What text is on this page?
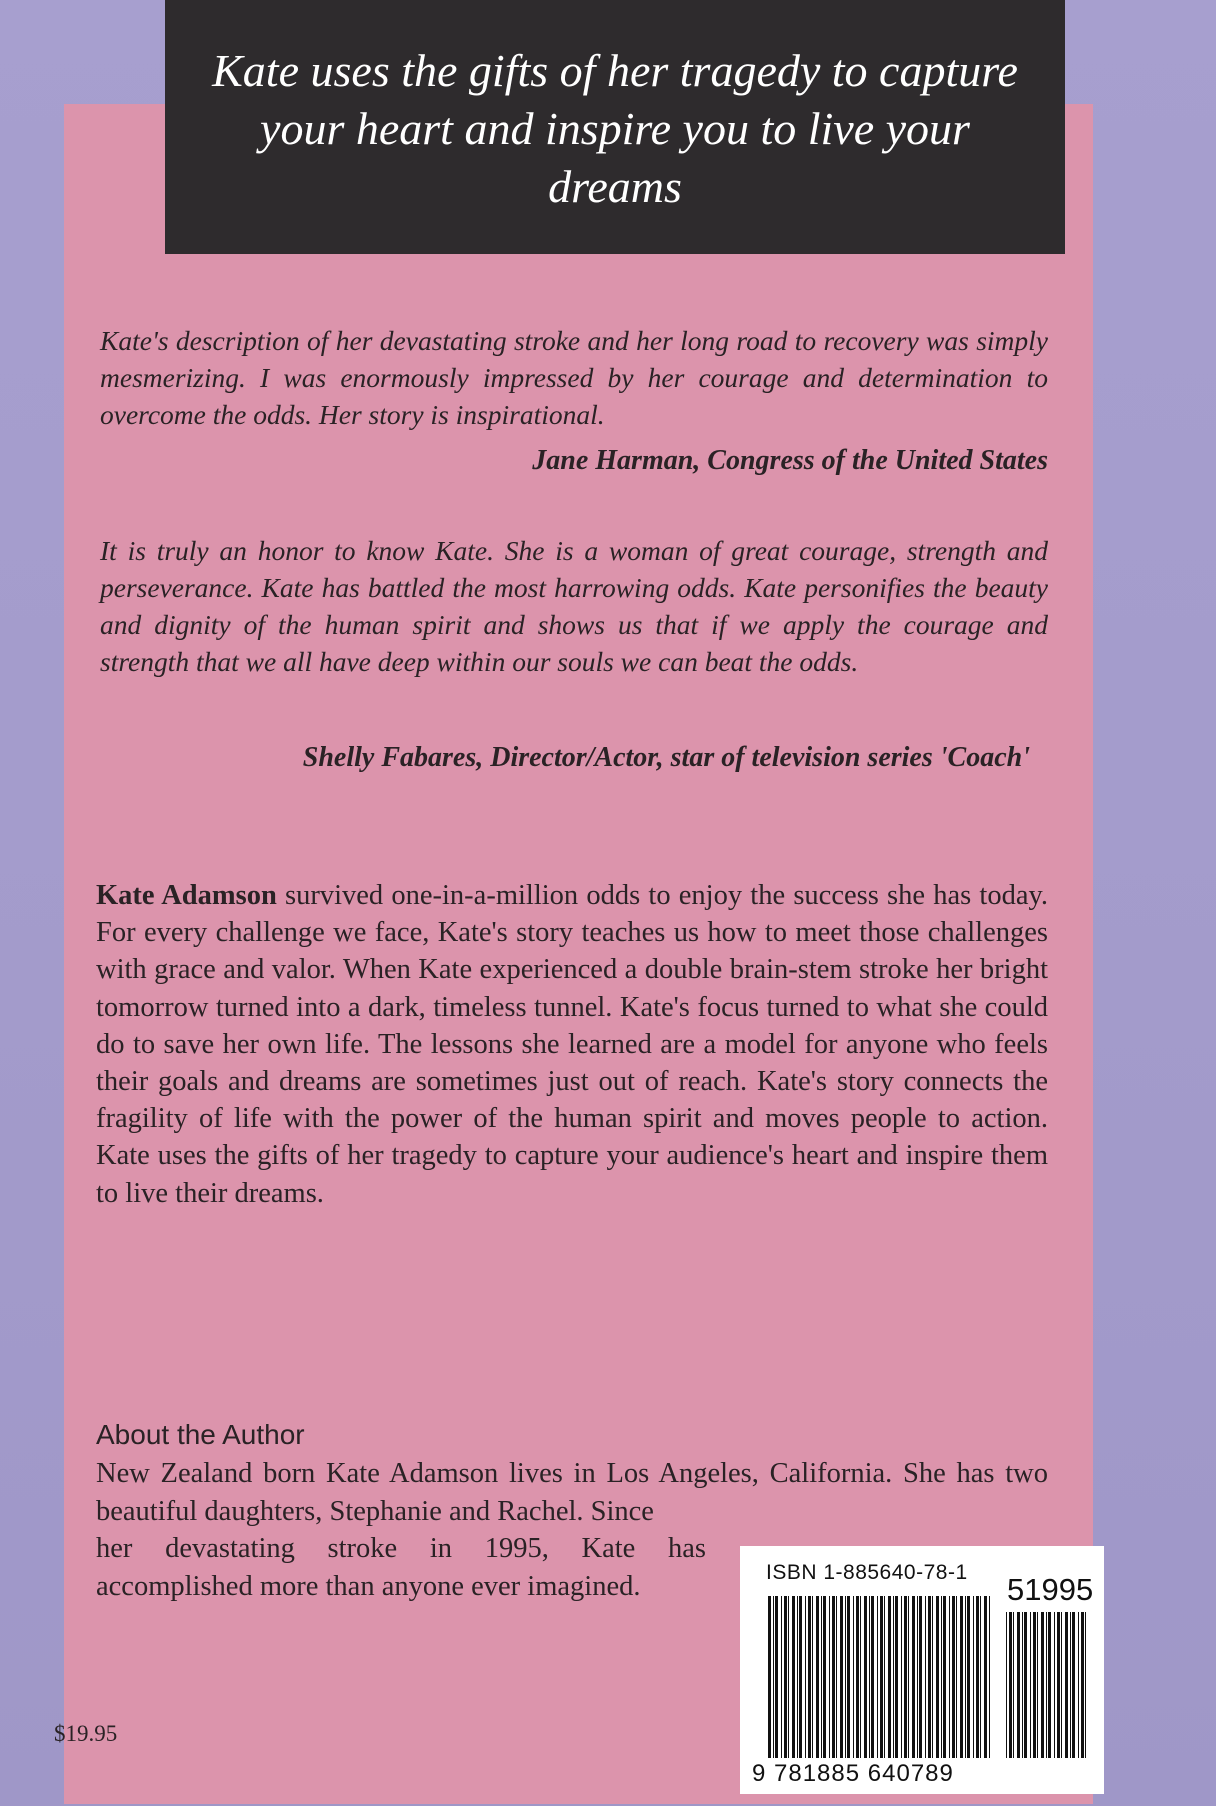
Kate uses the gifts of her tragedy to capture your heart and inspire you to live your dreams

Kate's description of her devastating stroke and her long road to recovery was simply mesmerizing. I was enormously impressed by her courage and determination to overcome the odds. Her story is inspirational.

Jane Harman, Congress of the United States

It is truly an honor to know Kate. She is a woman of great courage, strength and perseverance. Kate has battled the most harrowing odds. Kate personifies the beauty and dignity of the human spirit and shows us that if we apply the courage and strength that we all have deep within our souls we can beat the odds.

Shelly Fabares, Director/Actor, star of television series 'Coach'

Kate Adamson survived one-in-a-million odds to enjoy the success she has today. For every challenge we face, Kate's story teaches us how to meet those challenges with grace and valor. When Kate experienced a double brain-stem stroke her bright tomorrow turned into a dark, timeless tunnel. Kate's focus turned to what she could do to save her own life. The lessons she learned are a model for anyone who feels their goals and dreams are sometimes just out of reach. Kate's story connects the fragility of life with the power of the human spirit and moves people to action. Kate uses the gifts of her tragedy to capture your audience's heart and inspire them to live their dreams.

About the Author

New Zealand born Kate Adamson lives in Los Angeles, California. She has two beautiful daughters, Stephanie and Rachel. Since

her devastating stroke in 1995, Kate has accomplished more than anyone ever imagined.

$19.95
ISBN 1-885640-78-1 51995
9 781885 640789
